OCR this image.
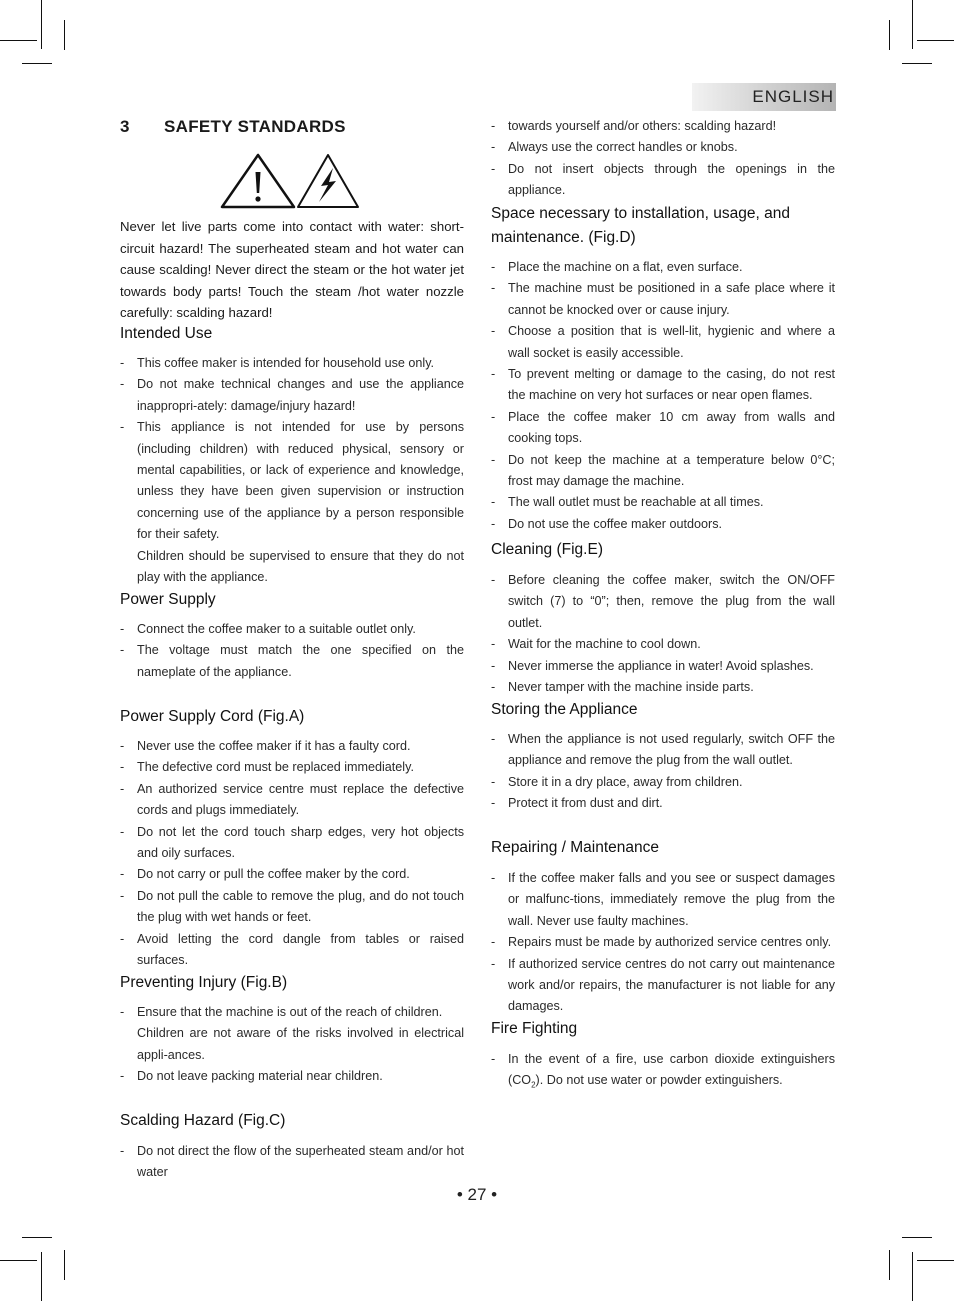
ENGLISH
3 SAFETY STANDARDS
Never let live parts come into contact with water: short-circuit hazard! The superheated steam and hot water can cause scalding! Never direct the steam or the hot water jet towards body parts! Touch the steam /hot water nozzle carefully: scalding hazard!
Intended Use
- This coffee maker is intended for household use only.
- Do not make technical changes and use the appliance inappropri-ately: damage/injury hazard!
- This appliance is not intended for use by persons (including children) with reduced physical, sensory or mental capabilities, or lack of experience and knowledge, unless they have been given supervision or instruction concerning use of the appliance by a person responsible for their safety.
Children should be supervised to ensure that they do not play with the appliance.
Power Supply
- Connect the coffee maker to a suitable outlet only.
- The voltage must match the one specified on the nameplate of the appliance.
Power Supply Cord (Fig.A)
- Never use the coffee maker if it has a faulty cord.
- The defective cord must be replaced immediately.
- An authorized service centre must replace the defective cords and plugs immediately.
- Do not let the cord touch sharp edges, very hot objects and oily surfaces.
- Do not carry or pull the coffee maker by the cord.
- Do not pull the cable to remove the plug, and do not touch the plug with wet hands or feet.
- Avoid letting the cord dangle from tables or raised surfaces.
Preventing Injury (Fig.B)
- Ensure that the machine is out of the reach of children.
Children are not aware of the risks involved in electrical appli-ances.
- Do not leave packing material near children.
Scalding Hazard (Fig.C)
- Do not direct the flow of the superheated steam and/or hot water
- towards yourself and/or others: scalding hazard!
- Always use the correct handles or knobs.
- Do not insert objects through the openings in the appliance.
Space necessary to installation, usage, and maintenance. (Fig.D)
- Place the machine on a flat, even surface.
- The machine must be positioned in a safe place where it cannot be knocked over or cause injury.
- Choose a position that is well-lit, hygienic and where a wall socket is easily accessible.
- To prevent melting or damage to the casing, do not rest the machine on very hot surfaces or near open flames.
- Place the coffee maker 10 cm away from walls and cooking tops.
- Do not keep the machine at a temperature below 0°C; frost may damage the machine.
- The wall outlet must be reachable at all times.
- Do not use the coffee maker outdoors.
Cleaning (Fig.E)
- Before cleaning the coffee maker, switch the ON/OFF switch (7) to “0”; then, remove the plug from the wall outlet.
- Wait for the machine to cool down.
- Never immerse the appliance in water! Avoid splashes.
- Never tamper with the machine inside parts.
Storing the Appliance
- When the appliance is not used regularly, switch OFF the appliance and remove the plug from the wall outlet.
- Store it in a dry place, away from children.
- Protect it from dust and dirt.
Repairing / Maintenance
- If the coffee maker falls and you see or suspect damages or malfunc-tions, immediately remove the plug from the wall. Never use faulty machines.
- Repairs must be made by authorized service centres only.
- If authorized service centres do not carry out maintenance work and/or repairs, the manufacturer is not liable for any damages.
Fire Fighting
- In the event of a fire, use carbon dioxide extinguishers $(CO_2)$. Do not use water or powder extinguishers.
• 27 •
